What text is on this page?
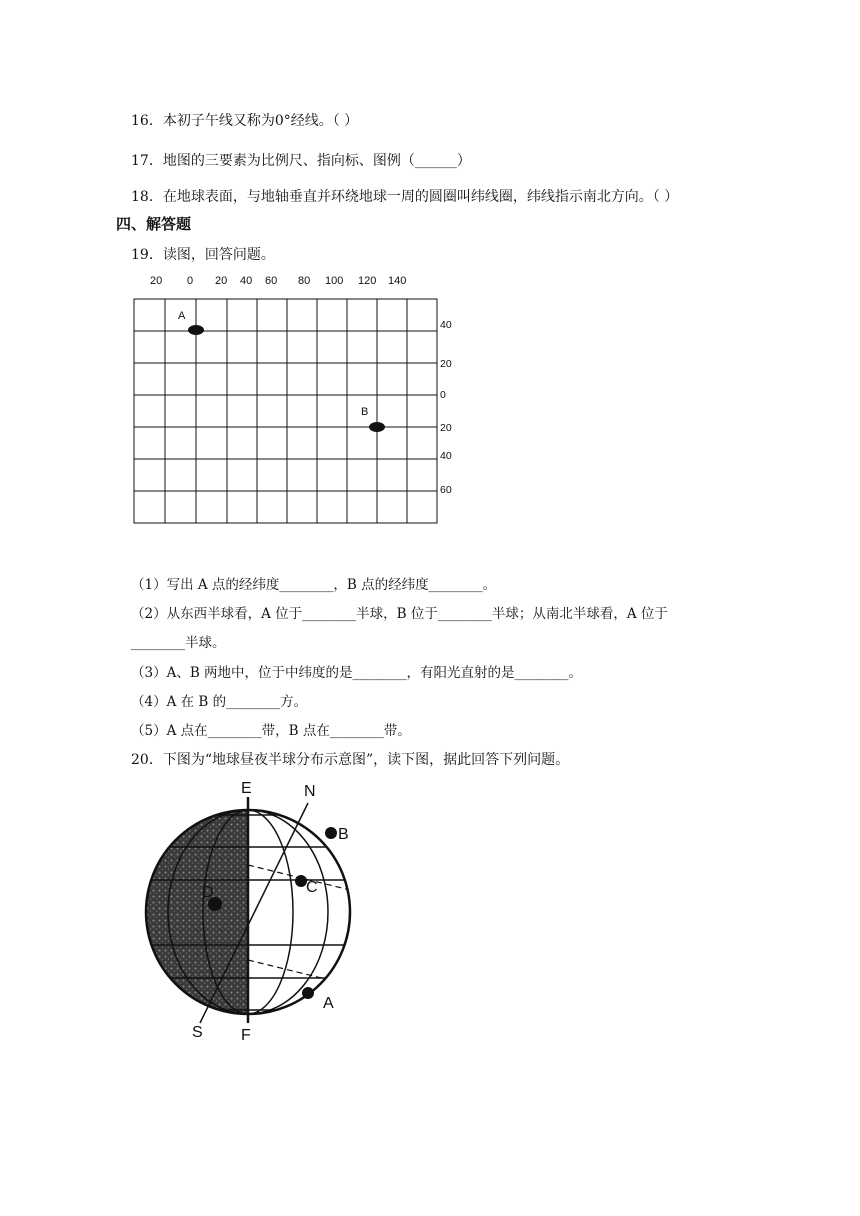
16．本初子午线又称为0°经线。（ ）
17．地图的三要素为比例尺、指向标、图例（______）
18．在地球表面，与地轴垂直并环绕地球一周的圆圈叫纬线圈，纬线指示南北方向。（ ）
四、解答题
19．读图，回答问题。
20 0 20 40 60 80 100 120 140
40
20
0
20
40
60
A
B
（1）写出 A 点的经纬度________，B 点的经纬度________。
（2）从东西半球看，A 位于________半球，B 位于________半球；从南北半球看，A 位于
________半球。
（3）A、B 两地中，位于中纬度的是________，有阳光直射的是________。
（4）A 在 B 的________方。
（5）A 点在________带，B 点在________带。
20．下图为“地球昼夜半球分布示意图”，读下图，据此回答下列问题。
E	N
B
C
D
A
S F
